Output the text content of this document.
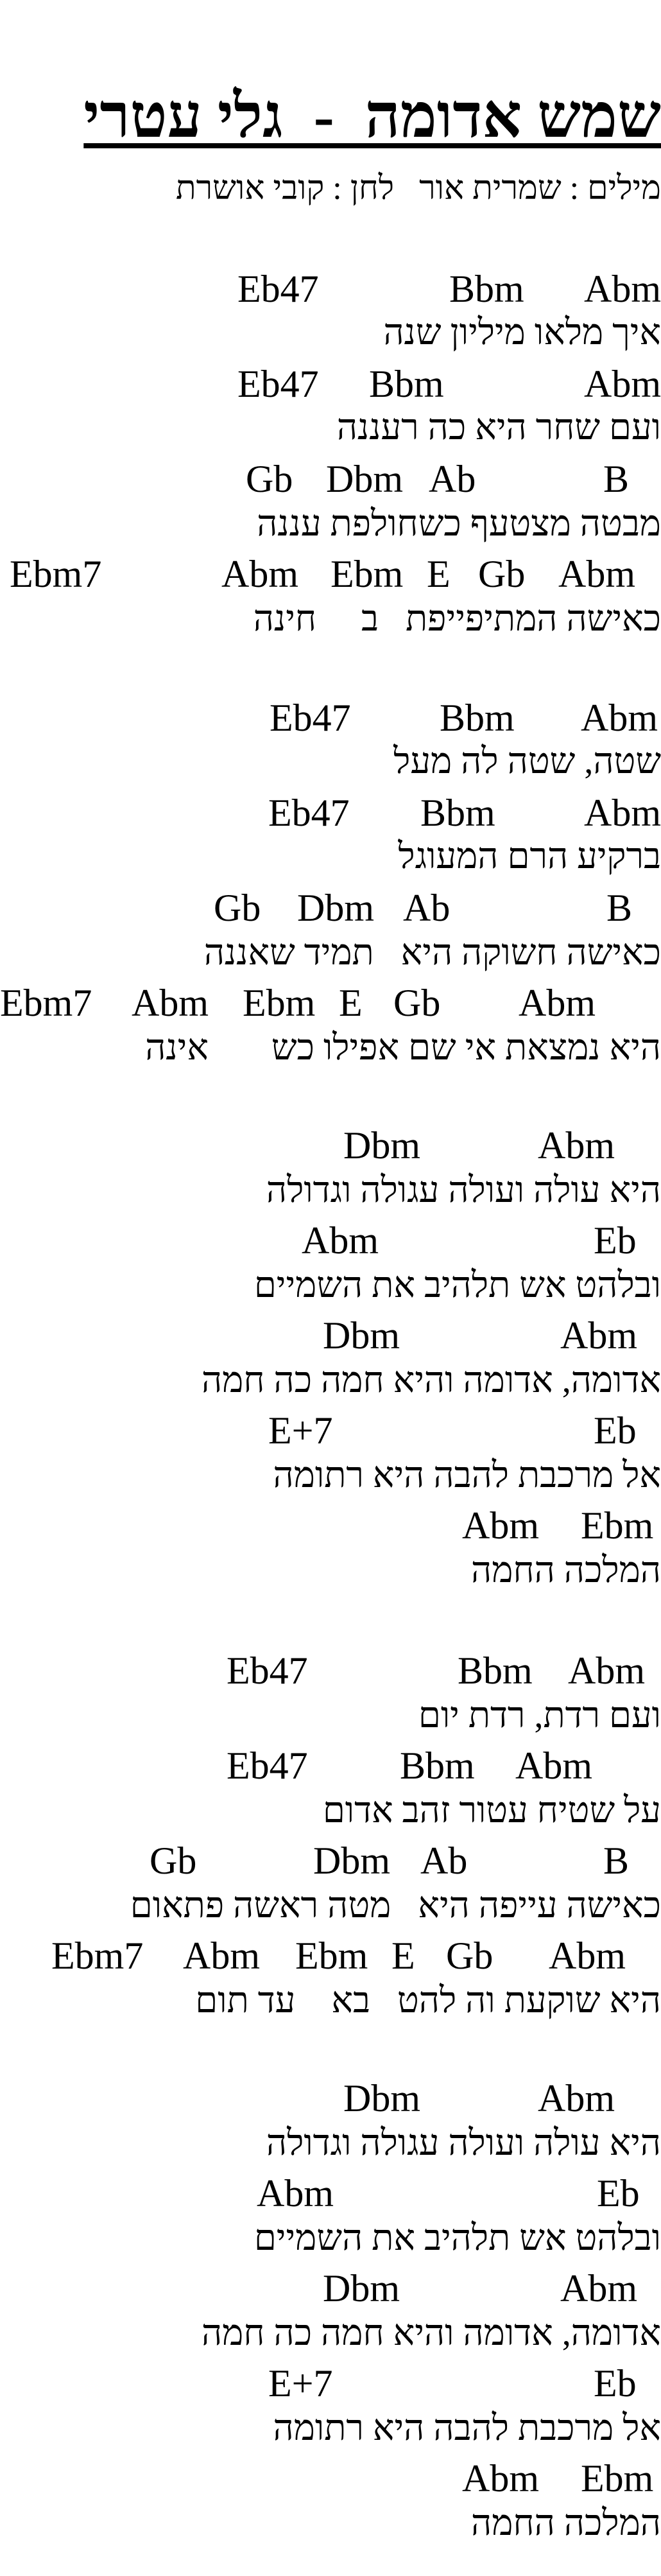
שמש אדומה  -  גלי עטרי
מילים : שמרית אור   לחן : קובי אושרת
Eb47	Bbm Abm
איך מלאו מיליון שנה
Eb47 Bbm	Abm
ועם שחר היא כה רעננה
Gb Dbm Ab	B
מבטה מצטעף כשחולפת עננה
Ebm7	Abm Ebm E Gb Abm
כאישה המתיפייפת   ב     חינה
Eb47 Bbm Abm
שטה, שטה לה מעל
Eb47 Bbm Abm
ברקיע הרם המעוגל
Gb Dbm Ab	B
כאישה חשוקה היא   תמיד שאננה
Ebm7 Abm Ebm E Gb Abm
היא נמצאת אי שם אפילו כש       אינה
Dbm	Abm
היא עולה ועולה עגולה וגדולה
Abm	Eb
ובלהט אש תלהיב את השמיים
Dbm	Abm
אדומה, אדומה והיא חמה כה חמה
E+7	Eb
אל מרכבת להבה היא רתומה
Abm Ebm
המלכה החמה
Eb47	Bbm Abm
ועם רדת, רדת יום
Eb47 Bbm Abm
על שטיח עטור זהב אדום
Gb	Dbm Ab	B
כאישה עייפה היא   מטה ראשה פתאום
Ebm7 Abm Ebm E Gb Abm
היא שוקעת וה להט   בא    עד תום
Dbm	Abm
היא עולה ועולה עגולה וגדולה
Abm	Eb
ובלהט אש תלהיב את השמיים
Dbm	Abm
אדומה, אדומה והיא חמה כה חמה
E+7	Eb
אל מרכבת להבה היא רתומה
Abm Ebm
המלכה החמה
